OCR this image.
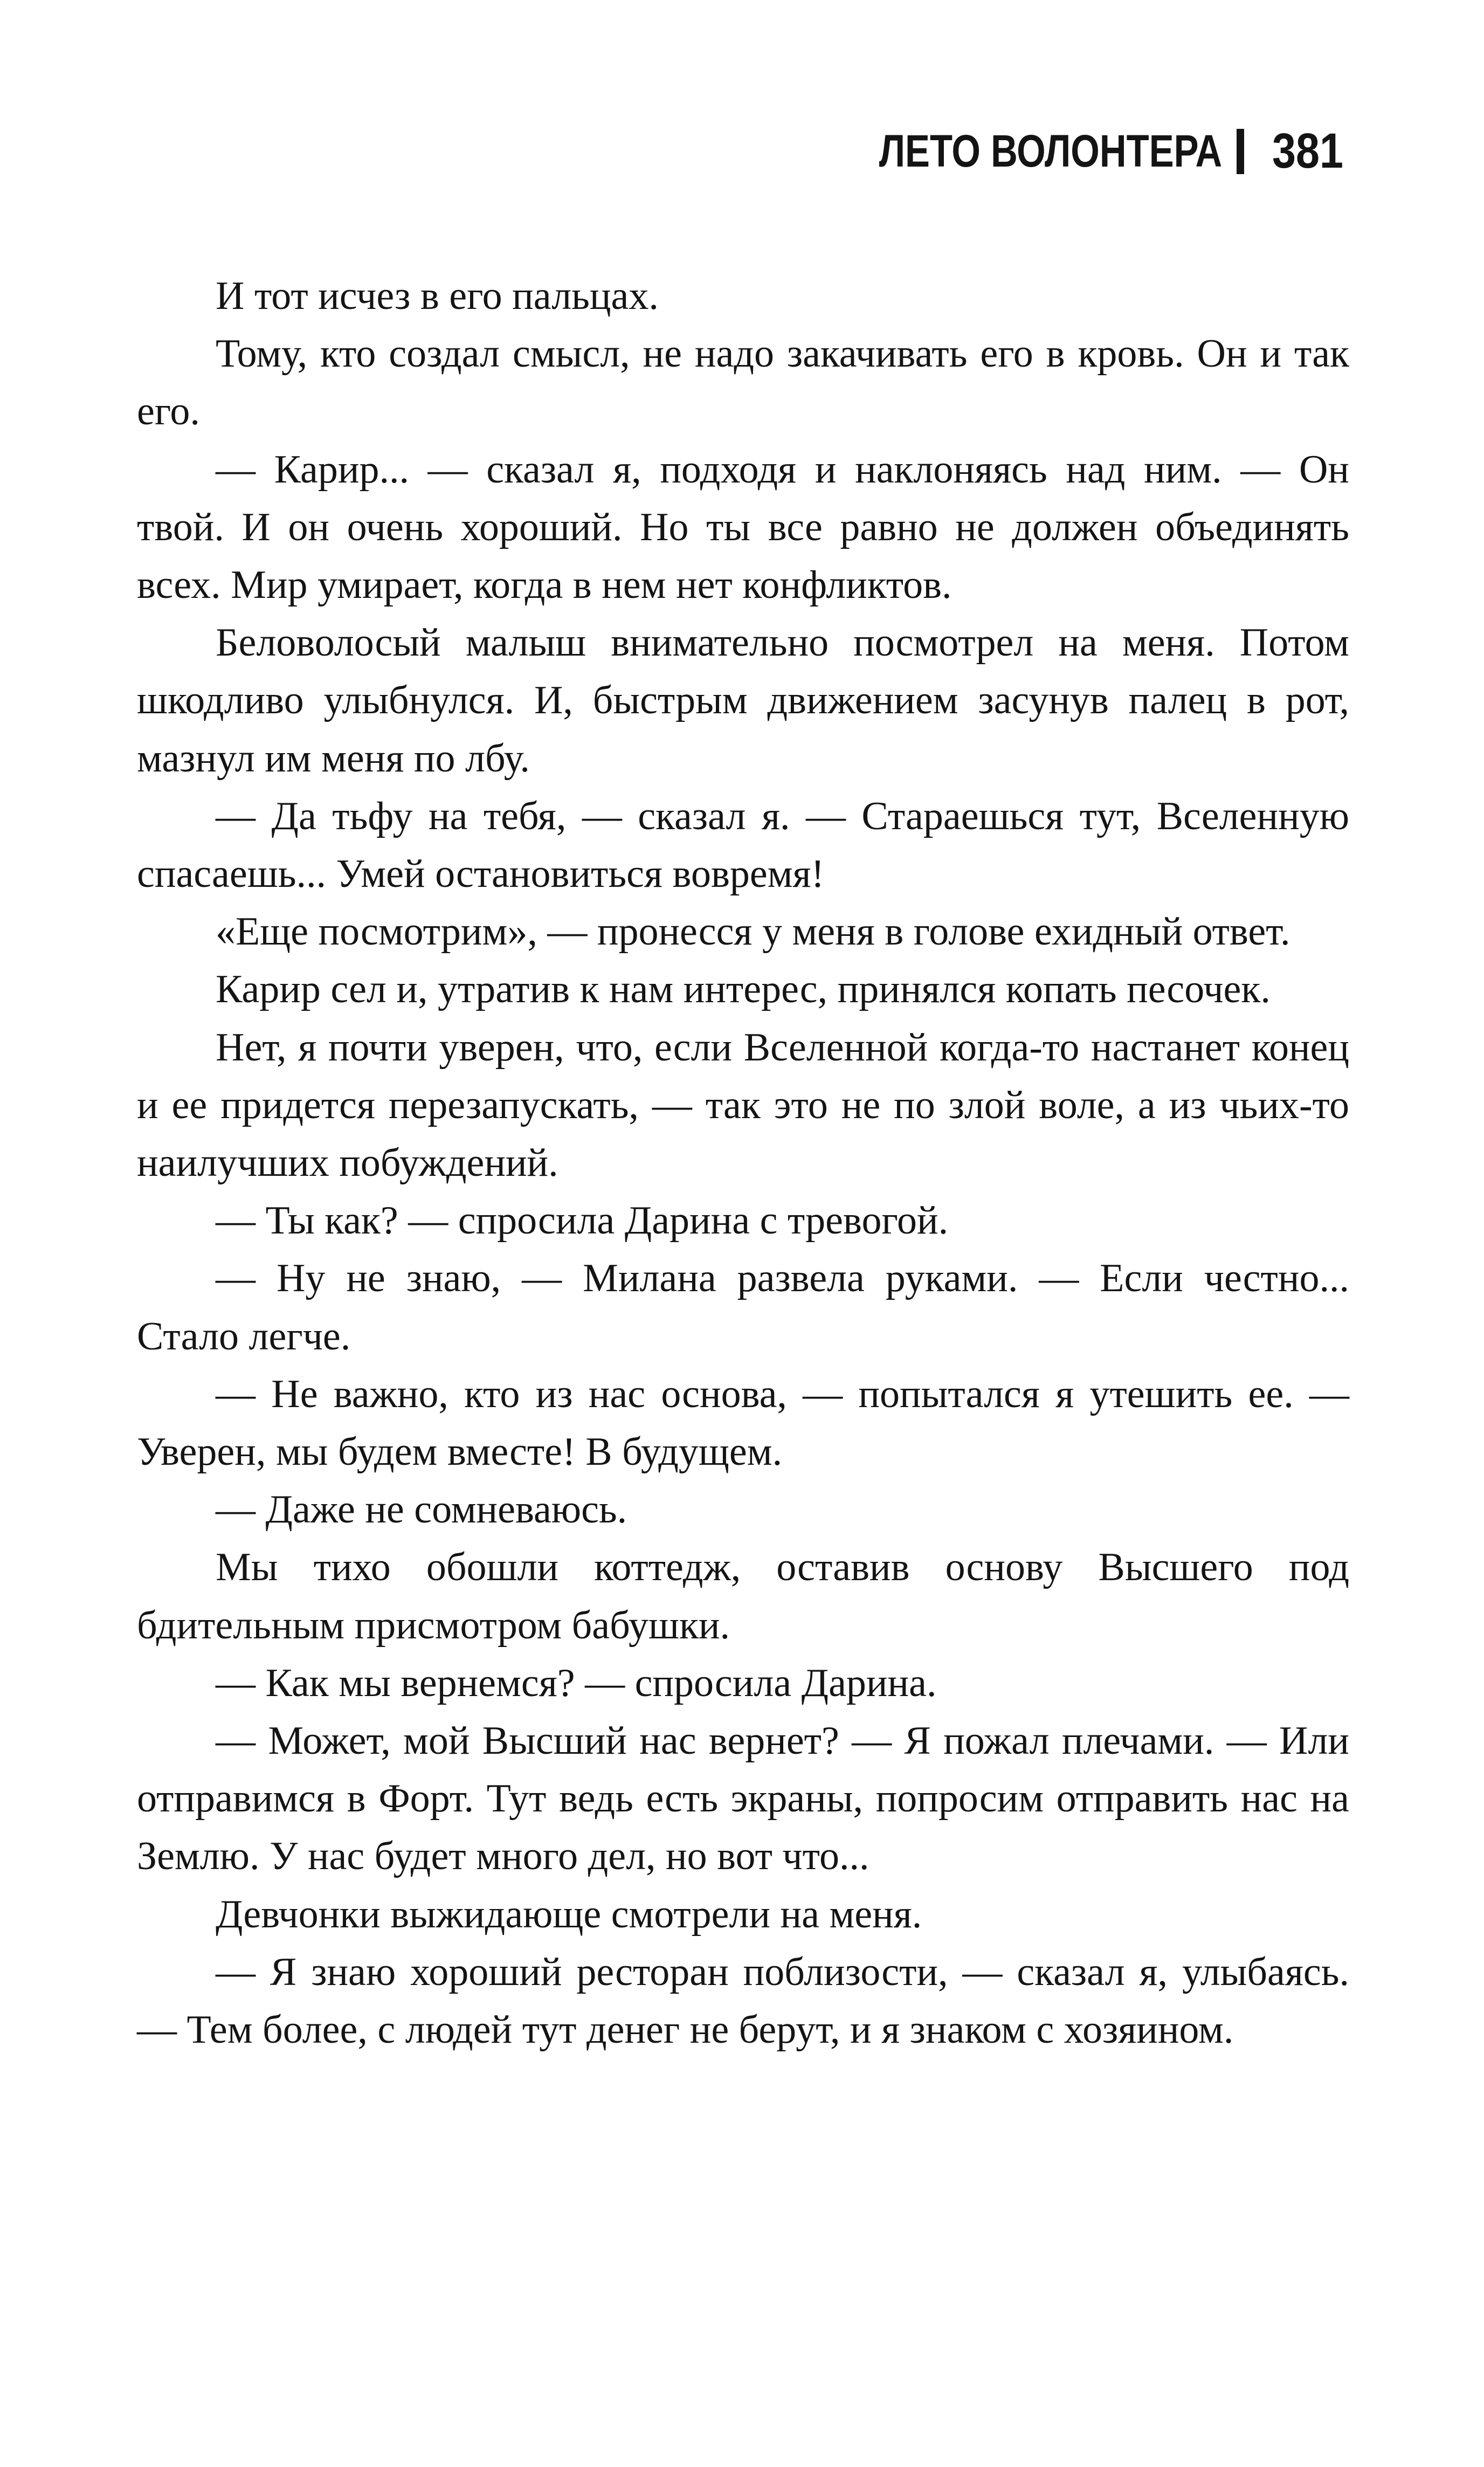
ЛЕТО ВОЛОНТЕРА 381

И тот исчез в его пальцах.

Тому, кто создал смысл, не надо закачивать его в кровь. Он и так его.

— Карир... — сказал я, подходя и наклоняясь над ним. — Он твой. И он очень хороший. Но ты все равно не должен объединять всех. Мир умирает, когда в нем нет конфликтов.

Беловолосый малыш внимательно посмотрел на меня. Потом шкодливо улыбнулся. И, быстрым движением засунув палец в рот, мазнул им меня по лбу.

— Да тьфу на тебя, — сказал я. — Стараешься тут, Вселенную спасаешь... Умей остановиться вовремя!

«Еще посмотрим», — пронесся у меня в голове ехидный ответ.

Карир сел и, утратив к нам интерес, принялся копать песочек.

Нет, я почти уверен, что, если Вселенной когда-то настанет конец и ее придется перезапускать, — так это не по злой воле, а из чьих-то наилучших побуждений.

— Ты как? — спросила Дарина с тревогой.

— Ну не знаю, — Милана развела руками. — Если честно... Стало легче.

— Не важно, кто из нас основа, — попытался я утешить ее. — Уверен, мы будем вместе! В будущем.

— Даже не сомневаюсь.

Мы тихо обошли коттедж, оставив основу Высшего под бдительным присмотром бабушки.

— Как мы вернемся? — спросила Дарина.

— Может, мой Высший нас вернет? — Я пожал плечами. — Или отправимся в Форт. Тут ведь есть экраны, попросим отправить нас на Землю. У нас будет много дел, но вот что...

Девчонки выжидающе смотрели на меня.

— Я знаю хороший ресторан поблизости, — сказал я, улыбаясь. — Тем более, с людей тут денег не берут, и я знаком с хозяином.
